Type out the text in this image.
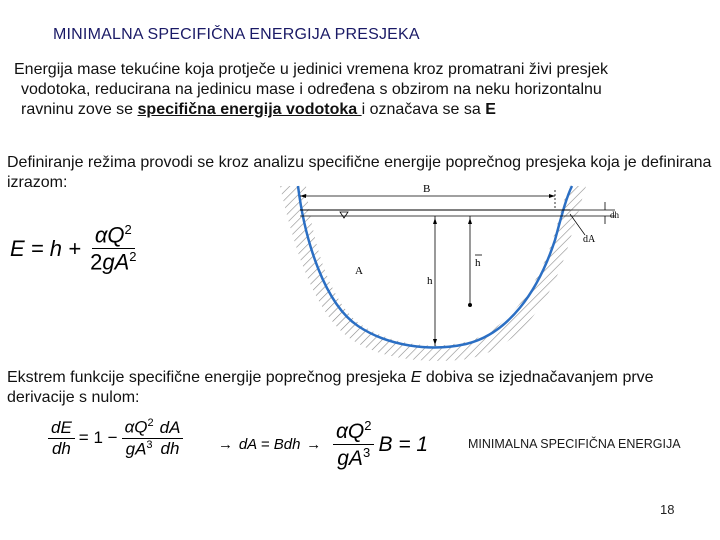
MINIMALNA SPECIFIČNA ENERGIJA PRESJEKA
Energija mase tekućine koja protječe u jedinici vremena kroz promatrani živi presjek
vodotoka, reducirana na jedinicu mase i određena s obzirom na neku horizontalnu
ravninu zove se specifična energija vodotoka i označava se sa E
Definiranje režima provodi se kroz analizu specifične energije poprečnog presjeka koja je definirana izrazom:
E = h +
$\frac{\alpha Q^2}{2gA^2}$
B
dh
dA
A
h
h
Ekstrem funkcije specifične energije poprečnog presjeka E dobiva se izjednačavanjem prve derivacije s nulom:
$\frac{dE}{dh} = 1 - \frac{\alpha Q^2}{gA^3} \frac{dA}{dh}$ →
dA = Bdh
→
$\frac{\alpha Q^2}{gA^3}$ B = 1	MINIMALNA SPECIFIČNA ENERGIJA
18
